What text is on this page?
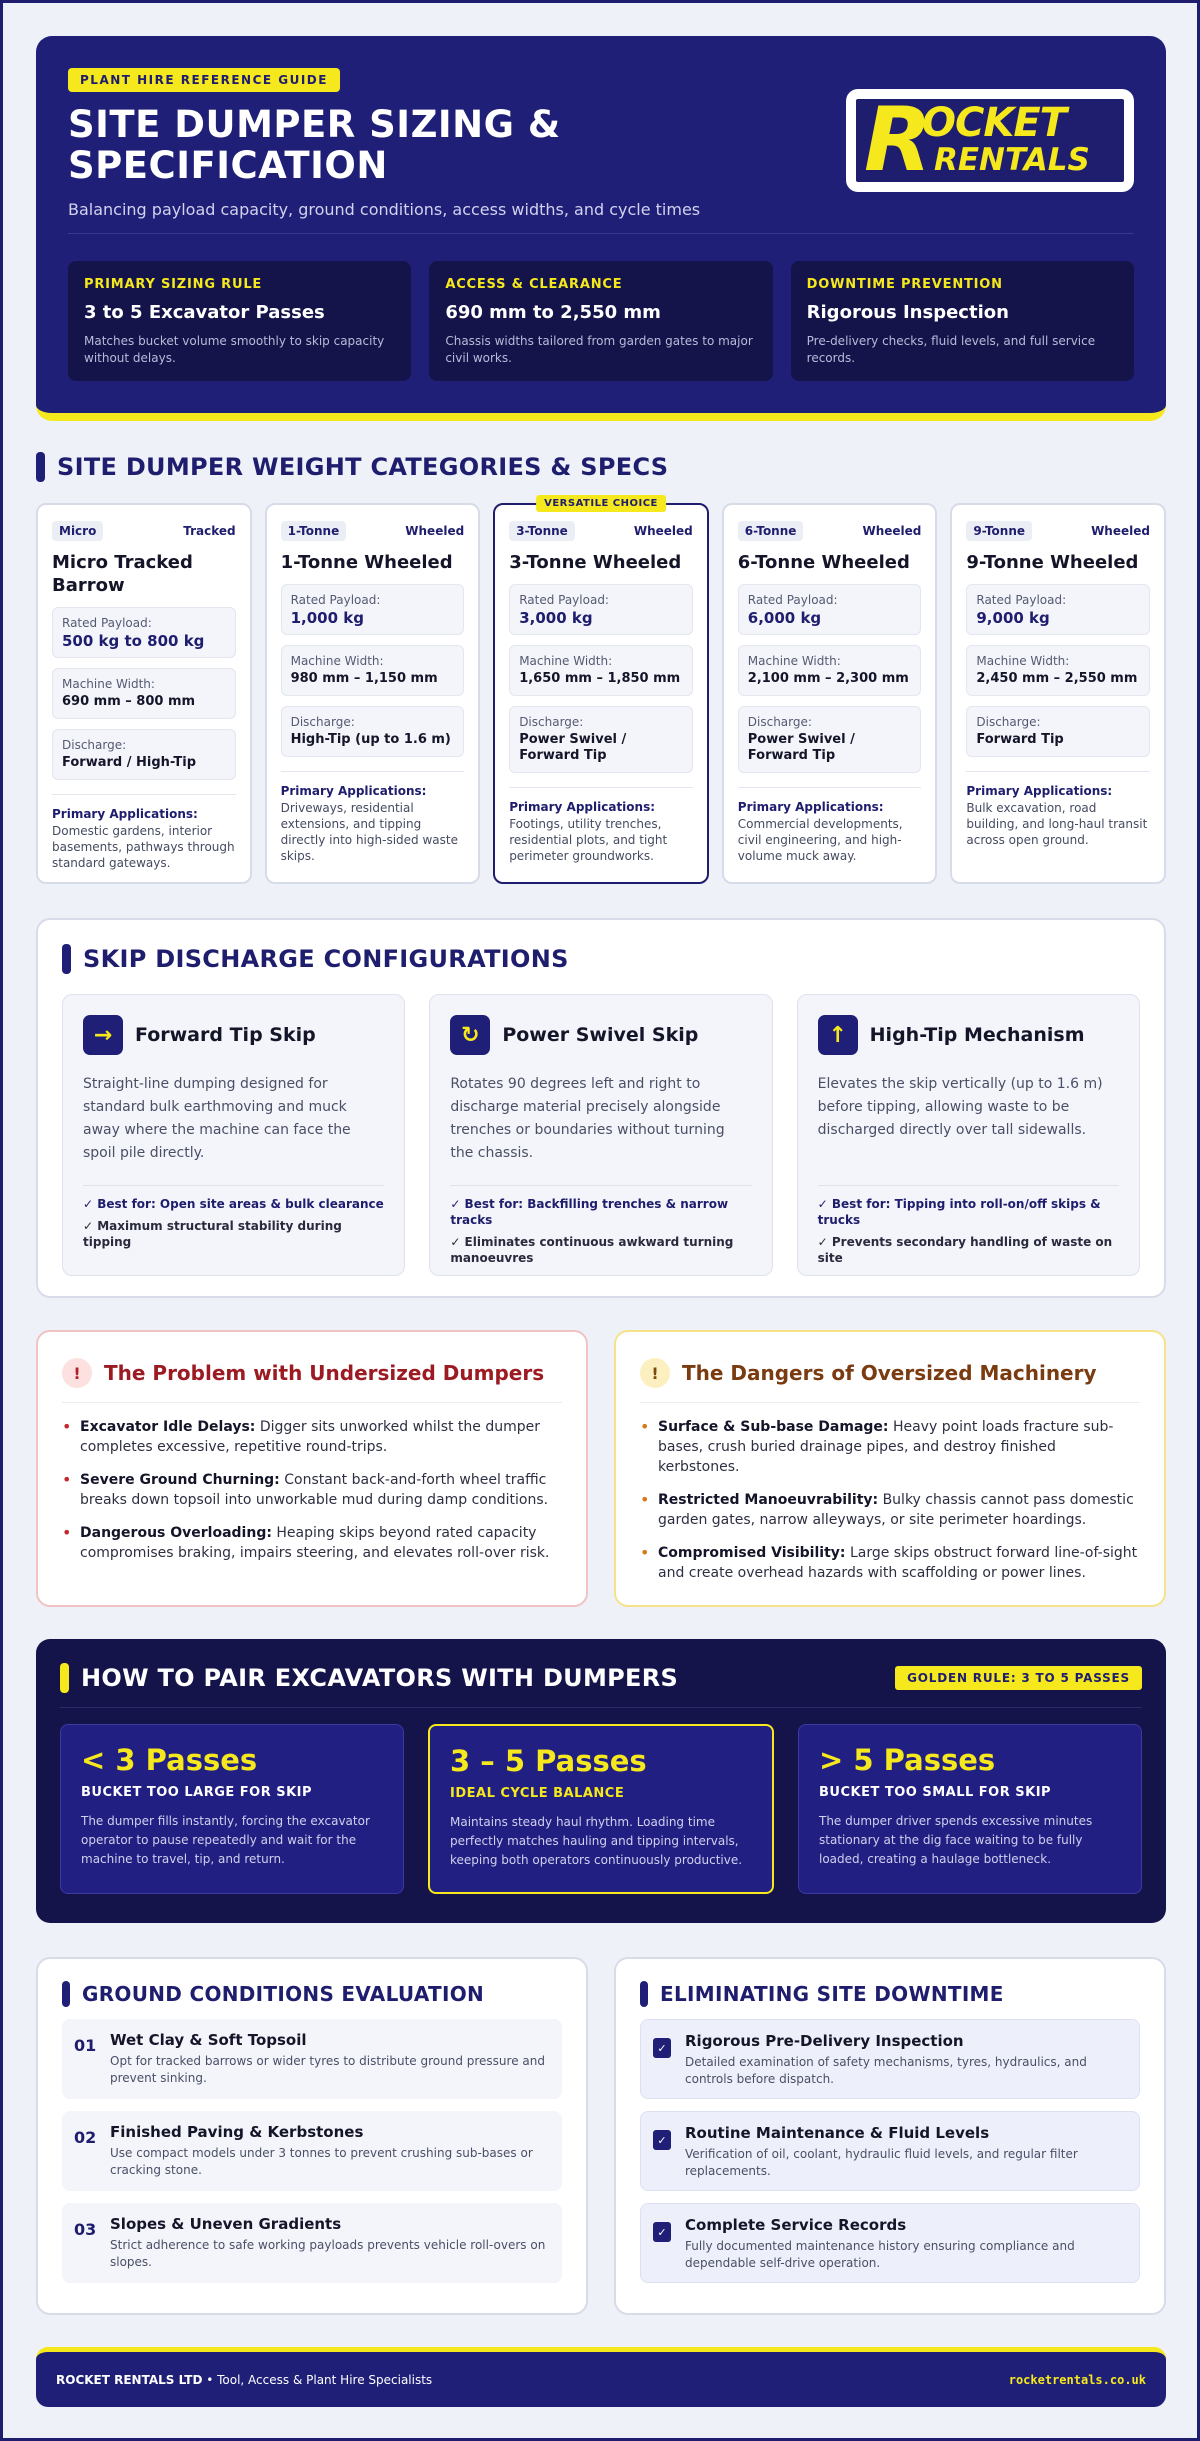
PLANT HIRE REFERENCE GUIDE
SITE DUMPER SIZING & SPECIFICATION
Balancing payload capacity, ground conditions, access widths, and cycle times
R
OCKET
RENTALS
PRIMARY SIZING RULE
3 to 5 Excavator Passes
Matches bucket volume smoothly to skip capacity without delays.
ACCESS & CLEARANCE
690 mm to 2,550 mm
Chassis widths tailored from garden gates to major civil works.
DOWNTIME PREVENTION
Rigorous Inspection
Pre-delivery checks, fluid levels, and full service records.
SITE DUMPER WEIGHT CATEGORIES & SPECS
Micro	Tracked
Micro Tracked Barrow
Rated Payload:
500 kg to 800 kg
Machine Width:
690 mm – 800 mm
Discharge:
Forward / High-Tip
Primary Applications:
Domestic gardens, interior basements, pathways through standard gateways.
1-Tonne	Wheeled
1-Tonne Wheeled
Rated Payload:
1,000 kg
Machine Width:
980 mm – 1,150 mm
Discharge:
High-Tip (up to 1.6 m)
Primary Applications:
Driveways, residential extensions, and tipping directly into high-sided waste skips.
VERSATILE CHOICE
3-Tonne	Wheeled
3-Tonne Wheeled
Rated Payload:
3,000 kg
Machine Width:
1,650 mm – 1,850 mm
Discharge:
Power Swivel / Forward Tip
Primary Applications:
Footings, utility trenches, residential plots, and tight perimeter groundworks.
6-Tonne	Wheeled
6-Tonne Wheeled
Rated Payload:
6,000 kg
Machine Width:
2,100 mm – 2,300 mm
Discharge:
Power Swivel / Forward Tip
Primary Applications:
Commercial developments, civil engineering, and high-volume muck away.
9-Tonne	Wheeled
9-Tonne Wheeled
Rated Payload:
9,000 kg
Machine Width:
2,450 mm – 2,550 mm
Discharge:
Forward Tip
Primary Applications:
Bulk excavation, road building, and long-haul transit across open ground.
SKIP DISCHARGE CONFIGURATIONS
→	Forward Tip Skip
Straight-line dumping designed for standard bulk earthmoving and muck away where the machine can face the spoil pile directly.
✓ Best for: Open site areas & bulk clearance
✓ Maximum structural stability during tipping
↻	Power Swivel Skip
Rotates 90 degrees left and right to discharge material precisely alongside trenches or boundaries without turning the chassis.
✓ Best for: Backfilling trenches & narrow tracks
✓ Eliminates continuous awkward turning manoeuvres
↑	High-Tip Mechanism
Elevates the skip vertically (up to 1.6 m) before tipping, allowing waste to be discharged directly over tall sidewalls.
✓ Best for: Tipping into roll-on/off skips & trucks
✓ Prevents secondary handling of waste on site
!	The Problem with Undersized Dumpers
• Excavator Idle Delays: Digger sits unworked whilst the dumper completes excessive, repetitive round-trips.
• Severe Ground Churning: Constant back-and-forth wheel traffic breaks down topsoil into unworkable mud during damp conditions.
• Dangerous Overloading: Heaping skips beyond rated capacity compromises braking, impairs steering, and elevates roll-over risk.
!	The Dangers of Oversized Machinery
• Surface & Sub-base Damage: Heavy point loads fracture sub-bases, crush buried drainage pipes, and destroy finished kerbstones.
• Restricted Manoeuvrability: Bulky chassis cannot pass domestic garden gates, narrow alleyways, or site perimeter hoardings.
• Compromised Visibility: Large skips obstruct forward line-of-sight and create overhead hazards with scaffolding or power lines.
HOW TO PAIR EXCAVATORS WITH DUMPERS	GOLDEN RULE: 3 TO 5 PASSES
< 3 Passes
BUCKET TOO LARGE FOR SKIP
The dumper fills instantly, forcing the excavator operator to pause repeatedly and wait for the machine to travel, tip, and return.
3 – 5 Passes
IDEAL CYCLE BALANCE
Maintains steady haul rhythm. Loading time perfectly matches hauling and tipping intervals, keeping both operators continuously productive.
> 5 Passes
BUCKET TOO SMALL FOR SKIP
The dumper driver spends excessive minutes stationary at the dig face waiting to be fully loaded, creating a haulage bottleneck.
GROUND CONDITIONS EVALUATION
01 Wet Clay & Soft Topsoil
Opt for tracked barrows or wider tyres to distribute ground pressure and prevent sinking.
02 Finished Paving & Kerbstones
Use compact models under 3 tonnes to prevent crushing sub-bases or cracking stone.
03 Slopes & Uneven Gradients
Strict adherence to safe working payloads prevents vehicle roll-overs on slopes.
ELIMINATING SITE DOWNTIME
✓ Rigorous Pre-Delivery Inspection
Detailed examination of safety mechanisms, tyres, hydraulics, and controls before dispatch.
✓ Routine Maintenance & Fluid Levels
Verification of oil, coolant, hydraulic fluid levels, and regular filter replacements.
✓ Complete Service Records
Fully documented maintenance history ensuring compliance and dependable self-drive operation.
ROCKET RENTALS LTD • Tool, Access & Plant Hire Specialists	rocketrentals.co.uk
